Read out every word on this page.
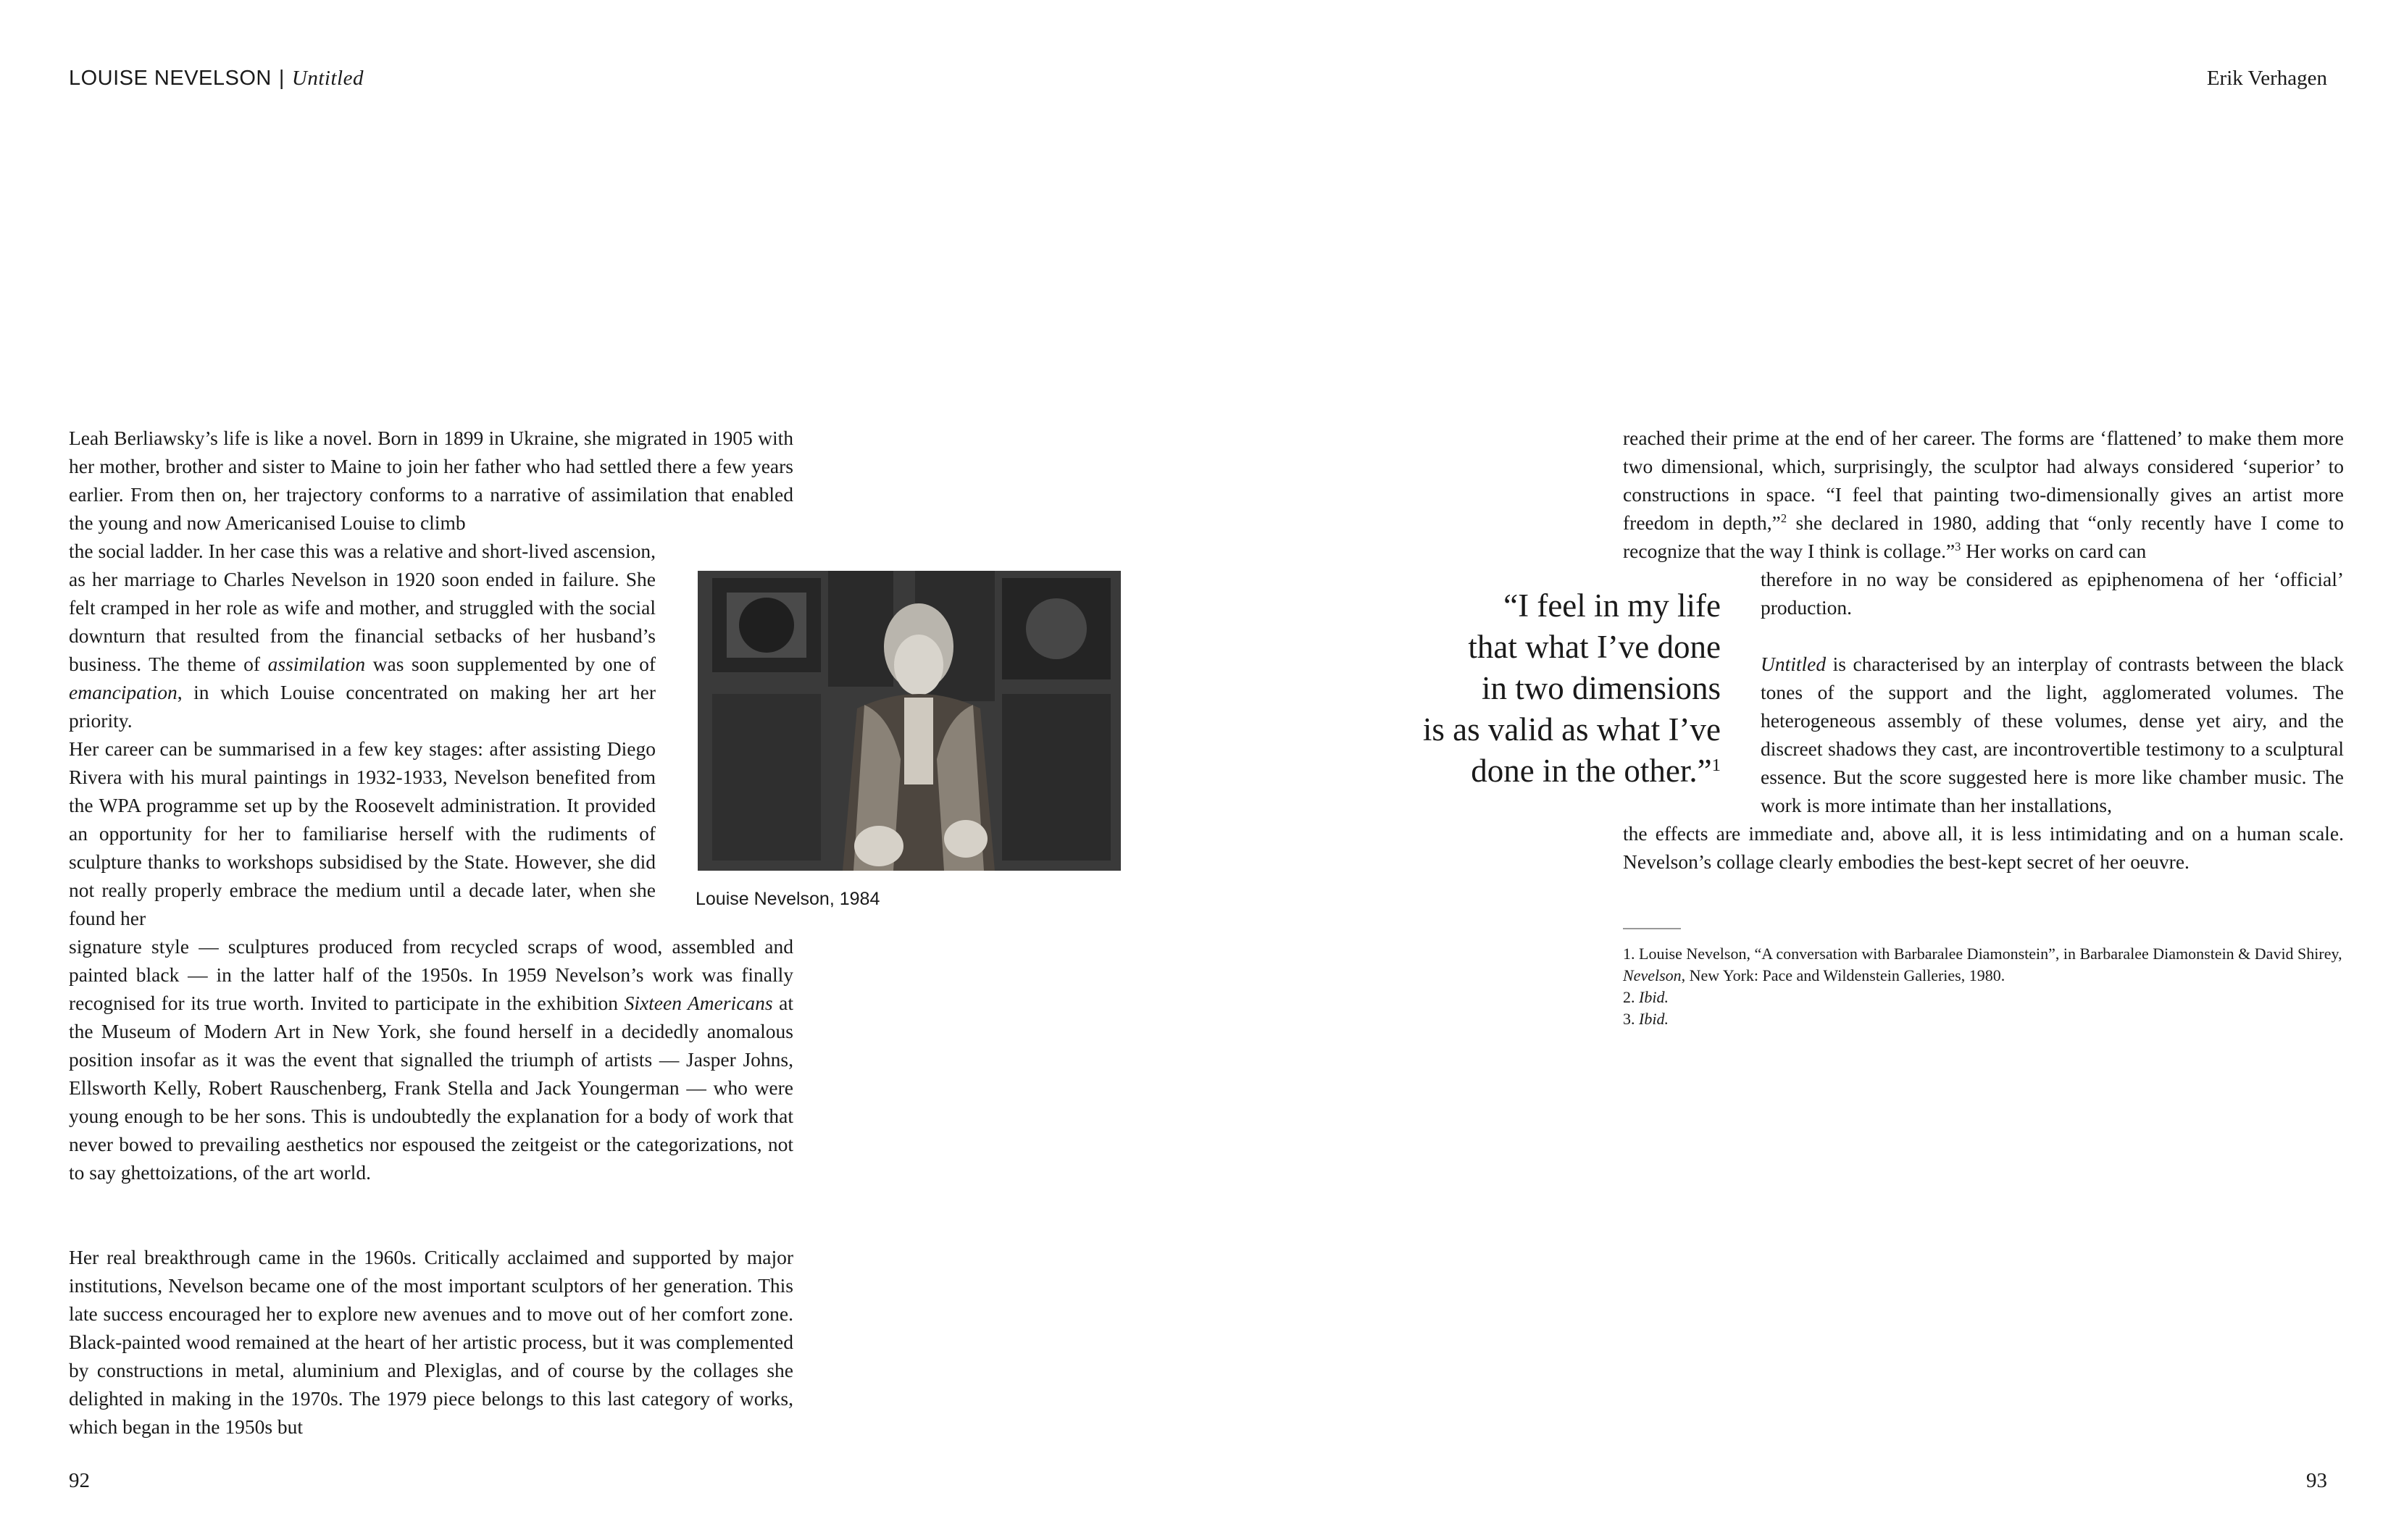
LOUISE NEVELSON | Untitled	Erik Verhagen

Leah Berliawsky’s life is like a novel. Born in 1899 in Ukraine, she migrated in 1905 with her mother, brother and sister to Maine to join her father who had settled there a few years earlier. From then on, her trajectory conforms to a narrative of assimilation that enabled the young and now Americanised Louise to climb

the social ladder. In her case this was a relative and short-lived ascension, as her marriage to Charles Nevelson in 1920 soon ended in failure. She felt cramped in her role as wife and mother, and struggled with the social downturn that resulted from the financial setbacks of her husband’s business. The theme of assimilation was soon supplemented by one of emancipation, in which Louise concentrated on making her art her priority.

Her career can be summarised in a few key stages: after assisting Diego Rivera with his mural paintings in 1932-1933, Nevelson benefited from the WPA programme set up by the Roosevelt administration. It provided an opportunity for her to familiarise herself with the rudiments of sculpture thanks to workshops subsidised by the State. However, she did not really properly embrace the medium until a decade later, when she found her

signature style — sculptures produced from recycled scraps of wood, assembled and painted black — in the latter half of the 1950s. In 1959 Nevelson’s work was finally recognised for its true worth. Invited to participate in the exhibition Sixteen Americans at the Museum of Modern Art in New York, she found herself in a decidedly anomalous position insofar as it was the event that signalled the triumph of artists — Jasper Johns, Ellsworth Kelly, Robert Rauschenberg, Frank Stella and Jack Youngerman — who were young enough to be her sons. This is undoubtedly the explanation for a body of work that never bowed to prevailing aesthetics nor espoused the zeitgeist or the categorizations, not to say ghettoizations, of the art world.

Her real breakthrough came in the 1960s. Critically acclaimed and supported by major institutions, Nevelson became one of the most important sculptors of her generation. This late success encouraged her to explore new avenues and to move out of her comfort zone. Black-painted wood remained at the heart of her artistic process, but it was complemented by constructions in metal, aluminium and Plexiglas, and of course by the collages she delighted in making in the 1970s. The 1979 piece belongs to this last category of works, which began in the 1950s but

Louise Nevelson, 1984
“I feel in my life
that what I’ve done
in two dimensions
is as valid as what I’ve
done in the other.”$^1$

reached their prime at the end of her career. The forms are ‘flattened’ to make them more two dimensional, which, surprisingly, the sculptor had always considered ‘superior’ to constructions in space. “I feel that painting two-dimensionally gives an artist more freedom in depth,”$^2$ she declared in 1980, adding that “only recently have I come to recognize that the way I think is collage.”$^3$ Her works on card can

therefore in no way be considered as epiphenomena of her ‘official’ production.

Untitled is characterised by an interplay of contrasts between the black tones of the support and the light, agglomerated volumes. The heterogeneous assembly of these volumes, dense yet airy, and the discreet shadows they cast, are incontrovertible testimony to a sculptural essence. But the score suggested here is more like chamber music. The work is more intimate than her installations,

the effects are immediate and, above all, it is less intimidating and on a human scale. Nevelson’s collage clearly embodies the best-kept secret of her oeuvre.

1. Louise Nevelson, “A conversation with Barbaralee Diamonstein”, in Barbaralee Diamonstein & David Shirey, Nevelson, New York: Pace and Wildenstein Galleries, 1980.
2. Ibid.
3. Ibid.
92	93
